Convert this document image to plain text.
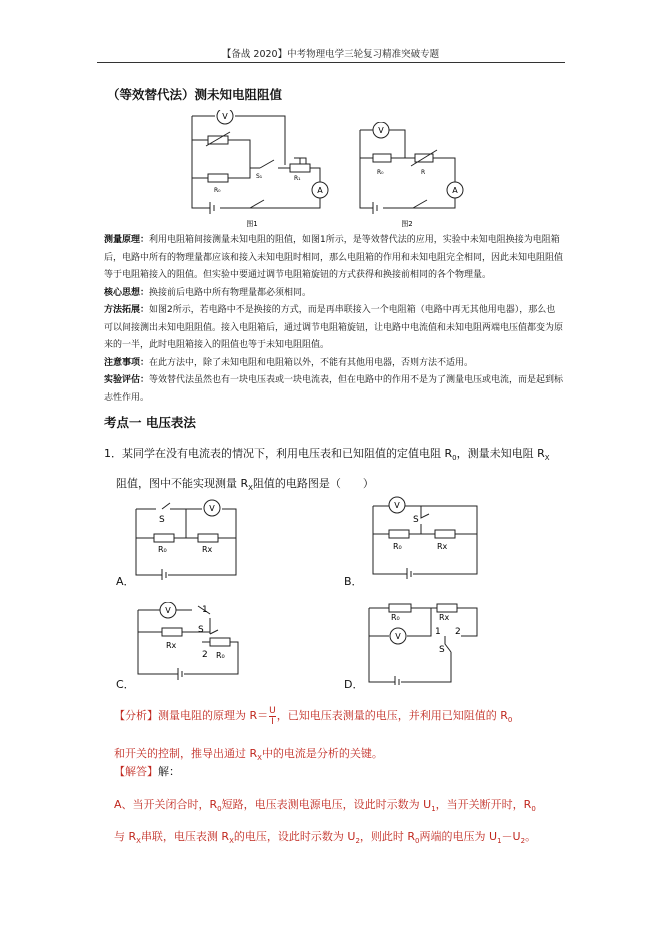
【备战 2020】中考物理电学三轮复习精准突破专题
（等效替代法）测未知电阻阻值
V
A
R₀
S₁	R₁
图1
V
A
R₀	R
图2

测量原理：利用电阻箱间接测量未知电阻的阻值，如图1所示，是等效替代法的应用，实验中未知电阻换接为电阻箱后，电路中所有的物理量都应该和接入未知电阻时相同，那么电阻箱的作用和未知电阻完全相同，因此未知电阻阻值等于电阻箱接入的阻值。但实验中要通过调节电阻箱旋钮的方式获得和换接前相同的各个物理量。

核心思想：换接前后电路中所有物理量都必须相同。

方法拓展：如图2所示，若电路中不是换接的方式，而是再串联接入一个电阻箱（电路中再无其他用电器），那么也可以间接测出未知电阻阻值。接入电阻箱后，通过调节电阻箱旋钮，让电路中电流值和未知电阻两端电压值都变为原来的一半，此时电阻箱接入的阻值也等于未知电阻阻值。

注意事项：在此方法中，除了未知电阻和电阻箱以外，不能有其他用电器，否则方法不适用。

实验评估：等效替代法虽然也有一块电压表或一块电流表，但在电路中的作用不是为了测量电压或电流，而是起到标志性作用。

考点一 电压表法
1．某同学在没有电流表的情况下，利用电压表和已知阻值的定值电阻 $R_0$，测量未知电阻 $R_X$
阻值，图中不能实现测量 $R_X$阻值的电路图是（　　）
S
V
R₀	Rx
A．
V
S
R₀	Rx
B．
V	1
S
2
Rx
R₀
C．
R₀	Rx
V	1 2
S
D．
【分析】测量电阻的原理为 $R= \frac{U}{I}$ ，已知电压表测量的电压，并利用已知阻值的 $R_0$
和开关的控制，推导出通过 $R_X$中的电流是分析的关键。
【解答】解：
A、当开关闭合时，$R_0$短路，电压表测电源电压，设此时示数为 $U_1$，当开关断开时，$R_0$
与 $R_X$串联，电压表测 $R_X$的电压，设此时示数为 $U_2$，则此时 $R_0$两端的电压为 $U_1-U_2$。
